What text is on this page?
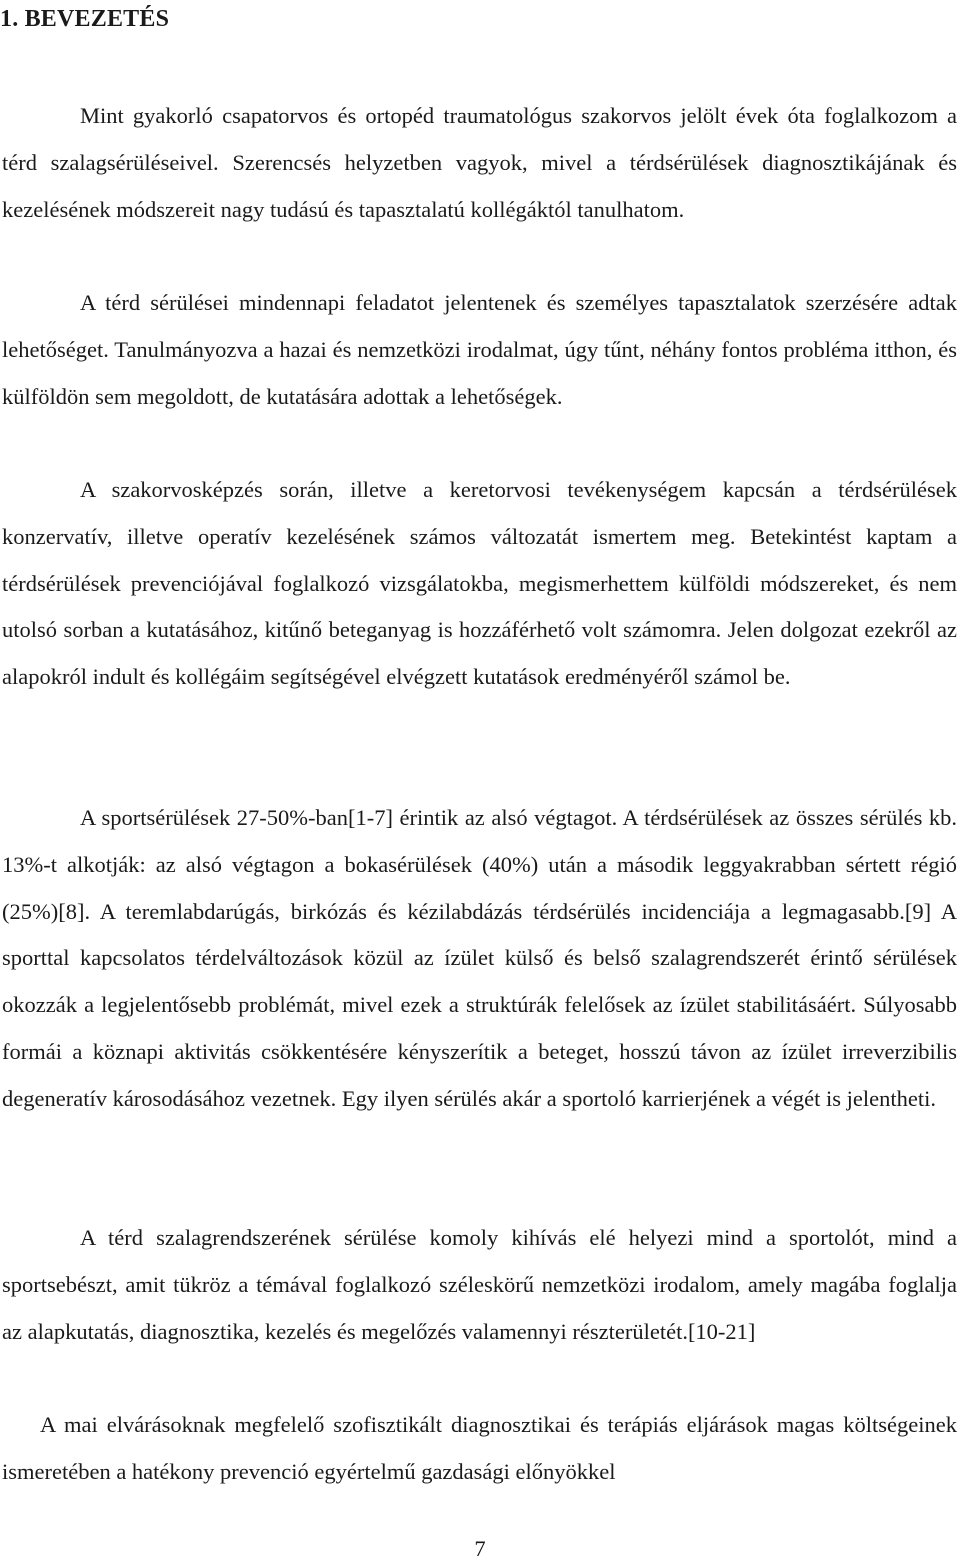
1. BEVEZETÉS

Mint gyakorló csapatorvos és ortopéd traumatológus szakorvos jelölt évek óta foglalkozom a térd szalagsérüléseivel. Szerencsés helyzetben vagyok, mivel a térdsérülések diagnosztikájának és kezelésének módszereit nagy tudású és tapasztalatú kollégáktól tanulhatom.

A térd sérülései mindennapi feladatot jelentenek és személyes tapasztalatok szerzésére adtak lehetőséget. Tanulmányozva a hazai és nemzetközi irodalmat, úgy tűnt, néhány fontos probléma itthon, és külföldön sem megoldott, de kutatására adottak a lehetőségek.

A szakorvosképzés során, illetve a keretorvosi tevékenységem kapcsán a térdsérülések konzervatív, illetve operatív kezelésének számos változatát ismertem meg. Betekintést kaptam a térdsérülések prevenciójával foglalkozó vizsgálatokba, megismerhettem külföldi módszereket, és nem utolsó sorban a kutatásához, kitűnő beteganyag is hozzáférhető volt számomra. Jelen dolgozat ezekről az alapokról indult és kollégáim segítségével elvégzett kutatások eredményéről számol be.

A sportsérülések 27-50%-ban[1-7] érintik az alsó végtagot. A térdsérülések az összes sérülés kb. 13%-t alkotják: az alsó végtagon a bokasérülések (40%) után a második leggyakrabban sértett régió (25%)[8]. A teremlabdarúgás, birkózás és kézilabdázás térdsérülés incidenciája a legmagasabb.[9] A sporttal kapcsolatos térdelváltozások közül az ízület külső és belső szalagrendszerét érintő sérülések okozzák a legjelentősebb problémát, mivel ezek a struktúrák felelősek az ízület stabilitásáért. Súlyosabb formái a köznapi aktivitás csökkentésére kényszerítik a beteget, hosszú távon az ízület irreverzibilis degeneratív károsodásához vezetnek. Egy ilyen sérülés akár a sportoló karrierjének a végét is jelentheti.

A térd szalagrendszerének sérülése komoly kihívás elé helyezi mind a sportolót, mind a sportsebészt, amit tükröz a témával foglalkozó széleskörű nemzetközi irodalom, amely magába foglalja az alapkutatás, diagnosztika, kezelés és megelőzés valamennyi részterületét.[10-21]

A mai elvárásoknak megfelelő szofisztikált diagnosztikai és terápiás eljárások magas költségeinek ismeretében a hatékony prevenció egyértelmű gazdasági előnyökkel

7
